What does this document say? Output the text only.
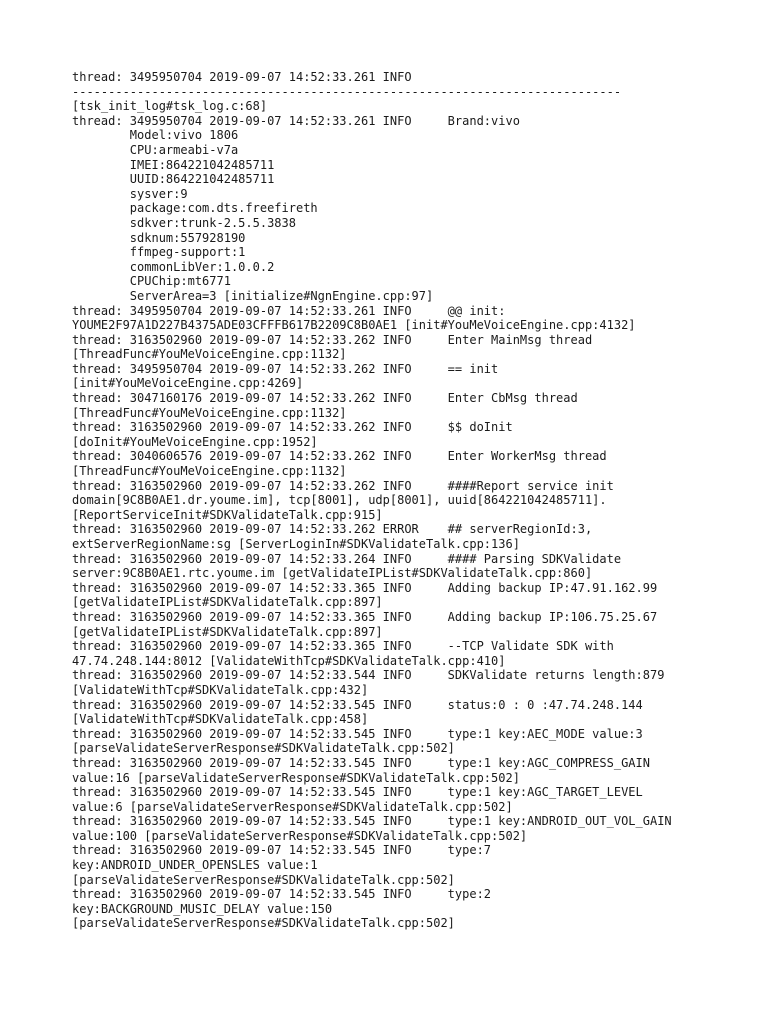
thread: 3495950704 2019-09-07 14:52:33.261 INFO
----------------------------------------------------------------------------
[tsk_init_log#tsk_log.c:68]
thread: 3495950704 2019-09-07 14:52:33.261 INFO     Brand:vivo
Model:vivo 1806
CPU:armeabi-v7a
IMEI:864221042485711
UUID:864221042485711
sysver:9
package:com.dts.freefireth
sdkver:trunk-2.5.5.3838
sdknum:557928190
ffmpeg-support:1
commonLibVer:1.0.0.2
CPUChip:mt6771
ServerArea=3 [initialize#NgnEngine.cpp:97]
thread: 3495950704 2019-09-07 14:52:33.261 INFO     @@ init:
YOUME2F97A1D227B4375ADE03CFFFB617B2209C8B0AE1 [init#YouMeVoiceEngine.cpp:4132]
thread: 3163502960 2019-09-07 14:52:33.262 INFO     Enter MainMsg thread
[ThreadFunc#YouMeVoiceEngine.cpp:1132]
thread: 3495950704 2019-09-07 14:52:33.262 INFO     == init
[init#YouMeVoiceEngine.cpp:4269]
thread: 3047160176 2019-09-07 14:52:33.262 INFO     Enter CbMsg thread
[ThreadFunc#YouMeVoiceEngine.cpp:1132]
thread: 3163502960 2019-09-07 14:52:33.262 INFO     $$ doInit
[doInit#YouMeVoiceEngine.cpp:1952]
thread: 3040606576 2019-09-07 14:52:33.262 INFO     Enter WorkerMsg thread
[ThreadFunc#YouMeVoiceEngine.cpp:1132]
thread: 3163502960 2019-09-07 14:52:33.262 INFO     ####Report service init
domain[9C8B0AE1.dr.youme.im], tcp[8001], udp[8001], uuid[864221042485711].
[ReportServiceInit#SDKValidateTalk.cpp:915]
thread: 3163502960 2019-09-07 14:52:33.262 ERROR    ## serverRegionId:3,
extServerRegionName:sg [ServerLoginIn#SDKValidateTalk.cpp:136]
thread: 3163502960 2019-09-07 14:52:33.264 INFO     #### Parsing SDKValidate
server:9C8B0AE1.rtc.youme.im [getValidateIPList#SDKValidateTalk.cpp:860]
thread: 3163502960 2019-09-07 14:52:33.365 INFO     Adding backup IP:47.91.162.99
[getValidateIPList#SDKValidateTalk.cpp:897]
thread: 3163502960 2019-09-07 14:52:33.365 INFO     Adding backup IP:106.75.25.67
[getValidateIPList#SDKValidateTalk.cpp:897]
thread: 3163502960 2019-09-07 14:52:33.365 INFO     --TCP Validate SDK with
47.74.248.144:8012 [ValidateWithTcp#SDKValidateTalk.cpp:410]
thread: 3163502960 2019-09-07 14:52:33.544 INFO     SDKValidate returns length:879
[ValidateWithTcp#SDKValidateTalk.cpp:432]
thread: 3163502960 2019-09-07 14:52:33.545 INFO     status:0 : 0 :47.74.248.144
[ValidateWithTcp#SDKValidateTalk.cpp:458]
thread: 3163502960 2019-09-07 14:52:33.545 INFO     type:1 key:AEC_MODE value:3
[parseValidateServerResponse#SDKValidateTalk.cpp:502]
thread: 3163502960 2019-09-07 14:52:33.545 INFO     type:1 key:AGC_COMPRESS_GAIN
value:16 [parseValidateServerResponse#SDKValidateTalk.cpp:502]
thread: 3163502960 2019-09-07 14:52:33.545 INFO     type:1 key:AGC_TARGET_LEVEL
value:6 [parseValidateServerResponse#SDKValidateTalk.cpp:502]
thread: 3163502960 2019-09-07 14:52:33.545 INFO     type:1 key:ANDROID_OUT_VOL_GAIN
value:100 [parseValidateServerResponse#SDKValidateTalk.cpp:502]
thread: 3163502960 2019-09-07 14:52:33.545 INFO     type:7
key:ANDROID_UNDER_OPENSLES value:1
[parseValidateServerResponse#SDKValidateTalk.cpp:502]
thread: 3163502960 2019-09-07 14:52:33.545 INFO     type:2
key:BACKGROUND_MUSIC_DELAY value:150
[parseValidateServerResponse#SDKValidateTalk.cpp:502]
